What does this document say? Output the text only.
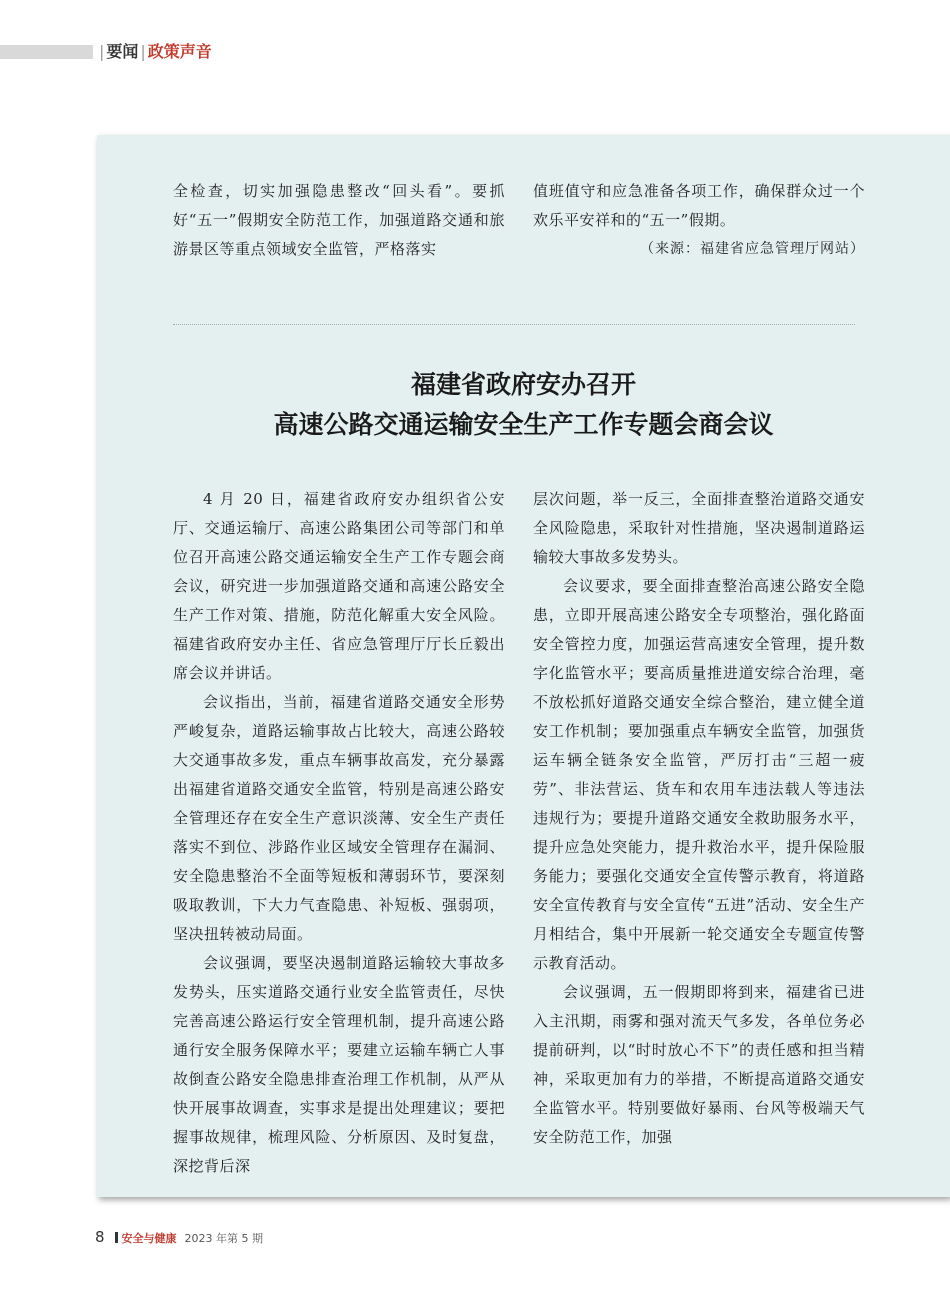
| 要闻 | 政策声音

全检查，切实加强隐患整改“回头看”。要抓好“五一”假期安全防范工作，加强道路交通和旅游景区等重点领域安全监管，严格落实

值班值守和应急准备各项工作，确保群众过一个欢乐平安祥和的“五一”假期。

（来源：福建省应急管理厅网站）

福建省政府安办召开
高速公路交通运输安全生产工作专题会商会议

4 月 20 日，福建省政府安办组织省公安厅、交通运输厅、高速公路集团公司等部门和单位召开高速公路交通运输安全生产工作专题会商会议，研究进一步加强道路交通和高速公路安全生产工作对策、措施，防范化解重大安全风险。福建省政府安办主任、省应急管理厅厅长丘毅出席会议并讲话。

会议指出，当前，福建省道路交通安全形势严峻复杂，道路运输事故占比较大，高速公路较大交通事故多发，重点车辆事故高发，充分暴露出福建省道路交通安全监管，特别是高速公路安全管理还存在安全生产意识淡薄、安全生产责任落实不到位、涉路作业区域安全管理存在漏洞、安全隐患整治不全面等短板和薄弱环节，要深刻吸取教训，下大力气查隐患、补短板、强弱项，坚决扭转被动局面。

会议强调，要坚决遏制道路运输较大事故多发势头，压实道路交通行业安全监管责任，尽快完善高速公路运行安全管理机制，提升高速公路通行安全服务保障水平；要建立运输车辆亡人事故倒查公路安全隐患排查治理工作机制，从严从快开展事故调查，实事求是提出处理建议；要把握事故规律，梳理风险、分析原因、及时复盘，深挖背后深

层次问题，举一反三，全面排查整治道路交通安全风险隐患，采取针对性措施，坚决遏制道路运输较大事故多发势头。

会议要求，要全面排查整治高速公路安全隐患，立即开展高速公路安全专项整治，强化路面安全管控力度，加强运营高速安全管理，提升数字化监管水平；要高质量推进道安综合治理，毫不放松抓好道路交通安全综合整治，建立健全道安工作机制；要加强重点车辆安全监管，加强货运车辆全链条安全监管，严厉打击“三超一疲劳”、非法营运、货车和农用车违法载人等违法违规行为；要提升道路交通安全救助服务水平，提升应急处突能力，提升救治水平，提升保险服务能力；要强化交通安全宣传警示教育，将道路安全宣传教育与安全宣传“五进”活动、安全生产月相结合，集中开展新一轮交通安全专题宣传警示教育活动。

会议强调，五一假期即将到来，福建省已进入主汛期，雨雾和强对流天气多发，各单位务必提前研判，以“时时放心不下”的责任感和担当精神，采取更加有力的举措，不断提高道路交通安全监管水平。特别要做好暴雨、台风等极端天气安全防范工作，加强

8 安全与健康 2023 年第 5 期
